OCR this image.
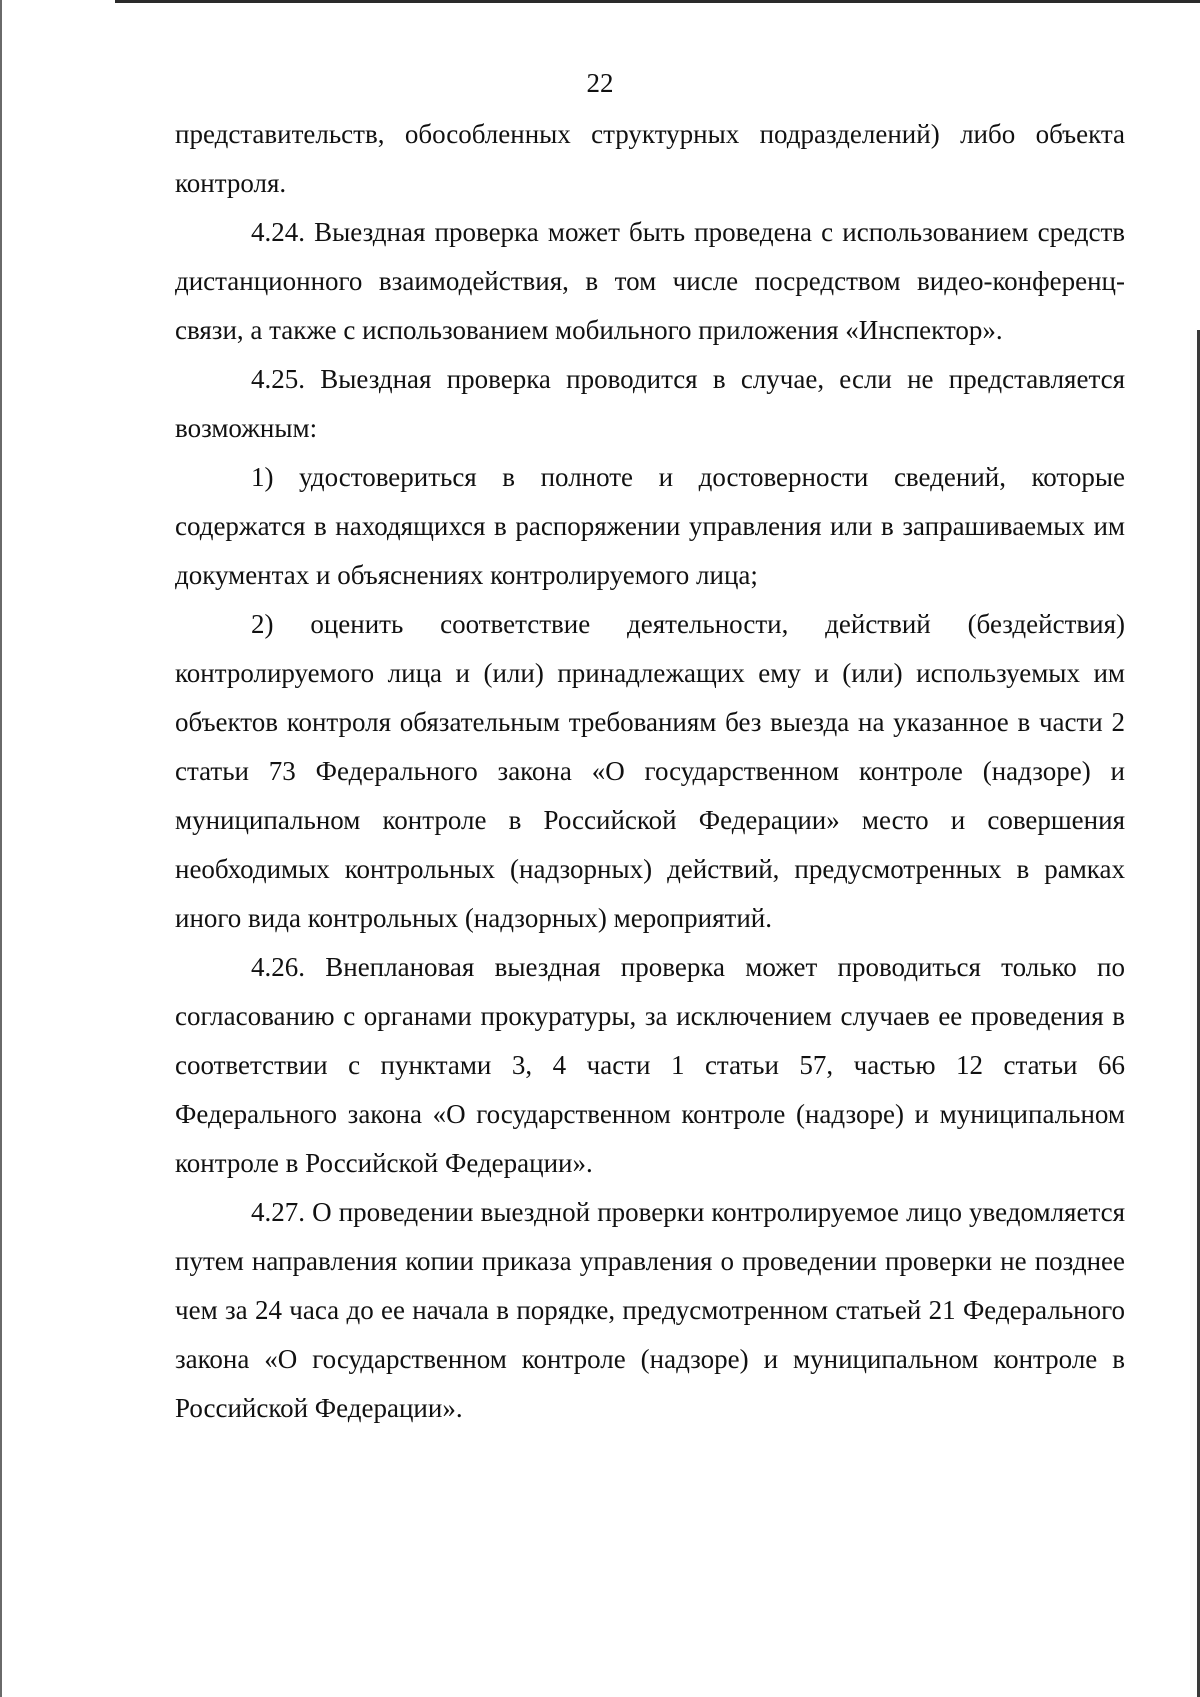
22

представительств, обособленных структурных подразделений) либо объекта контроля.

4.24. Выездная проверка может быть проведена с использованием средств дистанционного взаимодействия, в том числе посредством видео-конференц-связи, а также с использованием мобильного приложения «Инспектор».

4.25. Выездная проверка проводится в случае, если не представляется возможным:

1) удостовериться в полноте и достоверности сведений, которые содержатся в находящихся в распоряжении управления или в запрашиваемых им документах и объяснениях контролируемого лица;

2) оценить соответствие деятельности, действий (бездействия) контролируемого лица и (или) принадлежащих ему и (или) используемых им объектов контроля обязательным требованиям без выезда на указанное в части 2 статьи 73 Федерального закона «О государственном контроле (надзоре) и муниципальном контроле в Российской Федерации» место и совершения необходимых контрольных (надзорных) действий, предусмотренных в рамках иного вида контрольных (надзорных) мероприятий.

4.26. Внеплановая выездная проверка может проводиться только по согласованию с органами прокуратуры, за исключением случаев ее проведения в соответствии с пунктами 3, 4 части 1 статьи 57, частью 12 статьи 66 Федерального закона «О государственном контроле (надзоре) и муниципальном контроле в Российской Федерации».

4.27. О проведении выездной проверки контролируемое лицо уведомляется путем направления копии приказа управления о проведении проверки не позднее чем за 24 часа до ее начала в порядке, предусмотренном статьей 21 Федерального закона «О государственном контроле (надзоре) и муниципальном контроле в Российской Федерации».
